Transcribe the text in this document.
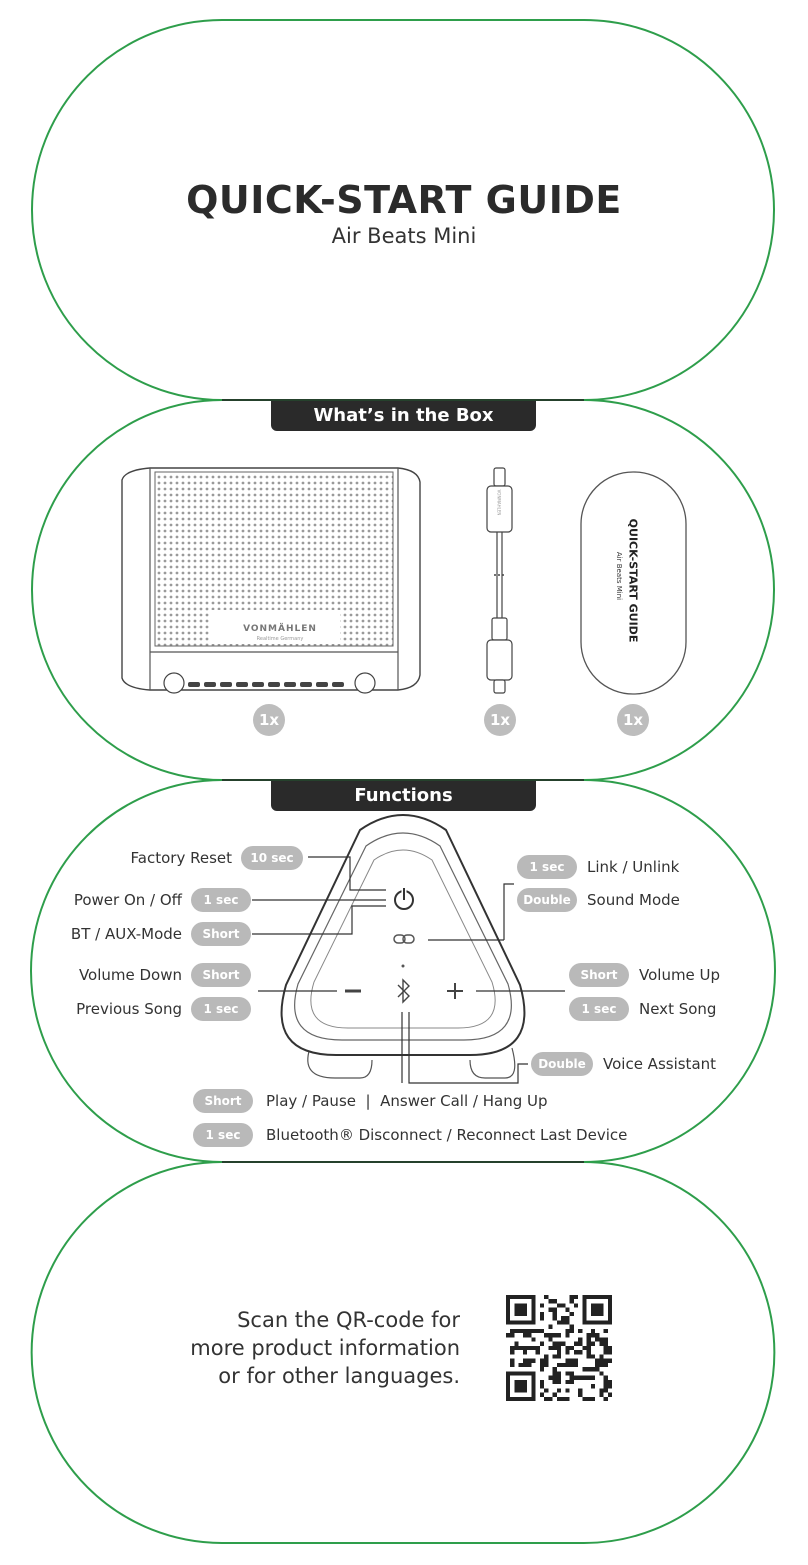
QUICK-START GUIDE
Air Beats Mini
What’s in the Box
VONMÄHLEN
Realtime Germany
VONMAHLEN
QUICK-START GUIDE
Air Beats Mini
1x	1x	1x
Functions
Factory Reset	10 sec
Power On / Off	1 sec
BT / AUX-Mode	Short
Volume Down	Short
Previous Song	1 sec
1 sec	Link / Unlink
Double	Sound Mode
Short	Volume Up
1 sec	Next Song
Double	Voice Assistant
Short	Play / Pause  |  Answer Call / Hang Up
1 sec	Bluetooth® Disconnect / Reconnect Last Device
Scan the QR-code for
more product information
or for other languages.
